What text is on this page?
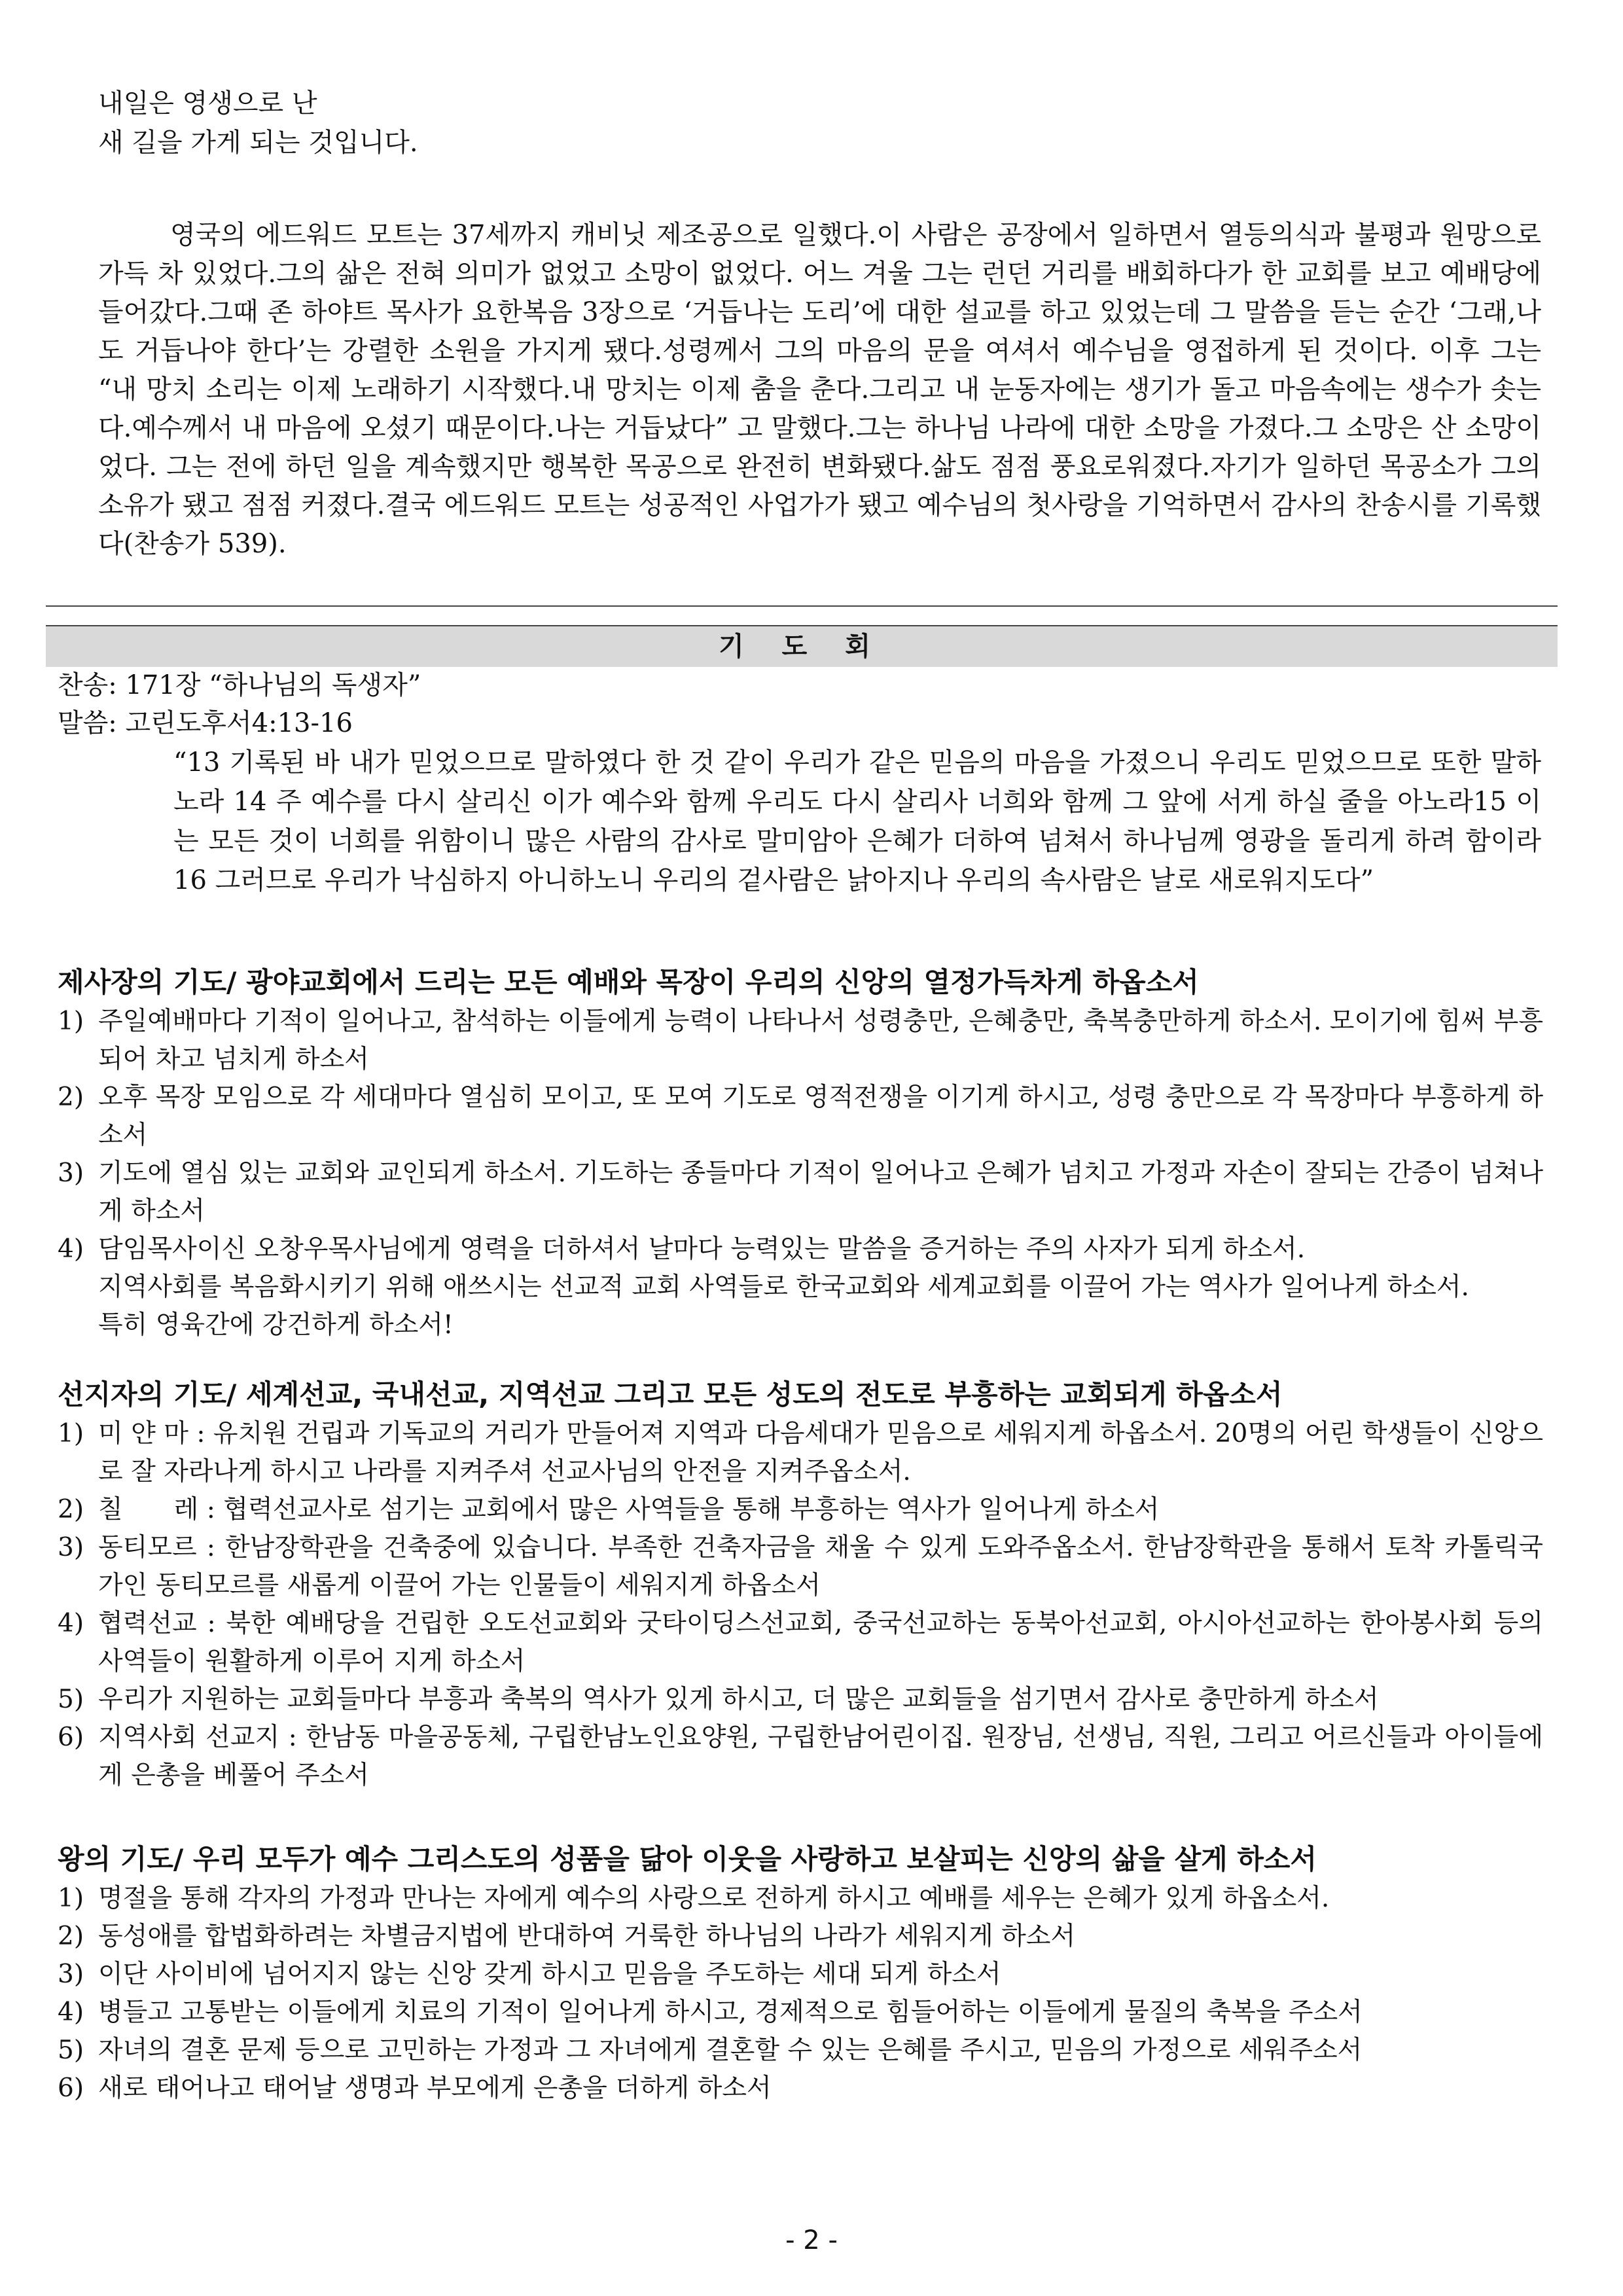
내일은 영생으로 난
새 길을 가게 되는 것입니다.

영국의 에드워드 모트는 37세까지 캐비닛 제조공으로 일했다.이 사람은 공장에서 일하면서 열등의식과 불평과 원망으로 가득 차 있었다.그의 삶은 전혀 의미가 없었고 소망이 없었다. 어느 겨울 그는 런던 거리를 배회하다가 한 교회를 보고 예배당에 들어갔다.그때 존 하야트 목사가 요한복음 3장으로 ‘거듭나는 도리’에 대한 설교를 하고 있었는데 그 말씀을 듣는 순간 ‘그래,나도 거듭나야 한다’는 강렬한 소원을 가지게 됐다.성령께서 그의 마음의 문을 여셔서 예수님을 영접하게 된 것이다. 이후 그는 “내 망치 소리는 이제 노래하기 시작했다.내 망치는 이제 춤을 춘다.그리고 내 눈동자에는 생기가 돌고 마음속에는 생수가 솟는다.예수께서 내 마음에 오셨기 때문이다.나는 거듭났다” 고 말했다.그는 하나님 나라에 대한 소망을 가졌다.그 소망은 산 소망이었다. 그는 전에 하던 일을 계속했지만 행복한 목공으로 완전히 변화됐다.삶도 점점 풍요로워졌다.자기가 일하던 목공소가 그의 소유가 됐고 점점 커졌다.결국 에드워드 모트는 성공적인 사업가가 됐고 예수님의 첫사랑을 기억하면서 감사의 찬송시를 기록했다(찬송가 539).

기 도 회
찬송: 171장 “하나님의 독생자”
말씀: 고린도후서4:13-16

“13 기록된 바 내가 믿었으므로 말하였다 한 것 같이 우리가 같은 믿음의 마음을 가졌으니 우리도 믿었으므로 또한 말하노라 14 주 예수를 다시 살리신 이가 예수와 함께 우리도 다시 살리사 너희와 함께 그 앞에 서게 하실 줄을 아노라15 이는 모든 것이 너희를 위함이니 많은 사람의 감사로 말미암아 은혜가 더하여 넘쳐서 하나님께 영광을 돌리게 하려 함이라 16 그러므로 우리가 낙심하지 아니하노니 우리의 겉사람은 낡아지나 우리의 속사람은 날로 새로워지도다”

제사장의 기도/ 광야교회에서 드리는 모든 예배와 목장이 우리의 신앙의 열정가득차게 하옵소서
1) 주일예배마다 기적이 일어나고, 참석하는 이들에게 능력이 나타나서 성령충만, 은혜충만, 축복충만하게 하소서. 모이기에 힘써 부흥되어 차고 넘치게 하소서
2) 오후 목장 모임으로 각 세대마다 열심히 모이고, 또 모여 기도로 영적전쟁을 이기게 하시고, 성령 충만으로 각 목장마다 부흥하게 하소서
3) 기도에 열심 있는 교회와 교인되게 하소서. 기도하는 종들마다 기적이 일어나고 은혜가 넘치고 가정과 자손이 잘되는 간증이 넘쳐나게 하소서
4) 담임목사이신 오창우목사님에게 영력을 더하셔서 날마다 능력있는 말씀을 증거하는 주의 사자가 되게 하소서.
지역사회를 복음화시키기 위해 애쓰시는 선교적 교회 사역들로 한국교회와 세계교회를 이끌어 가는 역사가 일어나게 하소서.
특히 영육간에 강건하게 하소서!
선지자의 기도/ 세계선교, 국내선교, 지역선교 그리고 모든 성도의 전도로 부흥하는 교회되게 하옵소서
1) 미 얀 마 : 유치원 건립과 기독교의 거리가 만들어져 지역과 다음세대가 믿음으로 세워지게 하옵소서. 20명의 어린 학생들이 신앙으로 잘 자라나게 하시고 나라를 지켜주셔 선교사님의 안전을 지켜주옵소서.
2) 칠　　레 : 협력선교사로 섬기는 교회에서 많은 사역들을 통해 부흥하는 역사가 일어나게 하소서
3) 동티모르 : 한남장학관을 건축중에 있습니다. 부족한 건축자금을 채울 수 있게 도와주옵소서. 한남장학관을 통해서 토착 카톨릭국가인 동티모르를 새롭게 이끌어 가는 인물들이 세워지게 하옵소서
4) 협력선교 : 북한 예배당을 건립한 오도선교회와 굿타이딩스선교회, 중국선교하는 동북아선교회, 아시아선교하는 한아봉사회 등의 사역들이 원활하게 이루어 지게 하소서
5) 우리가 지원하는 교회들마다 부흥과 축복의 역사가 있게 하시고, 더 많은 교회들을 섬기면서 감사로 충만하게 하소서
6) 지역사회 선교지 : 한남동 마을공동체, 구립한남노인요양원, 구립한남어린이집. 원장님, 선생님, 직원, 그리고 어르신들과 아이들에게 은총을 베풀어 주소서
왕의 기도/ 우리 모두가 예수 그리스도의 성품을 닮아 이웃을 사랑하고 보살피는 신앙의 삶을 살게 하소서
1) 명절을 통해 각자의 가정과 만나는 자에게 예수의 사랑으로 전하게 하시고 예배를 세우는 은혜가 있게 하옵소서.
2) 동성애를 합법화하려는 차별금지법에 반대하여 거룩한 하나님의 나라가 세워지게 하소서
3) 이단 사이비에 넘어지지 않는 신앙 갖게 하시고 믿음을 주도하는 세대 되게 하소서
4) 병들고 고통받는 이들에게 치료의 기적이 일어나게 하시고, 경제적으로 힘들어하는 이들에게 물질의 축복을 주소서
5) 자녀의 결혼 문제 등으로 고민하는 가정과 그 자녀에게 결혼할 수 있는 은혜를 주시고, 믿음의 가정으로 세워주소서
6) 새로 태어나고 태어날 생명과 부모에게 은총을 더하게 하소서
- 2 -
